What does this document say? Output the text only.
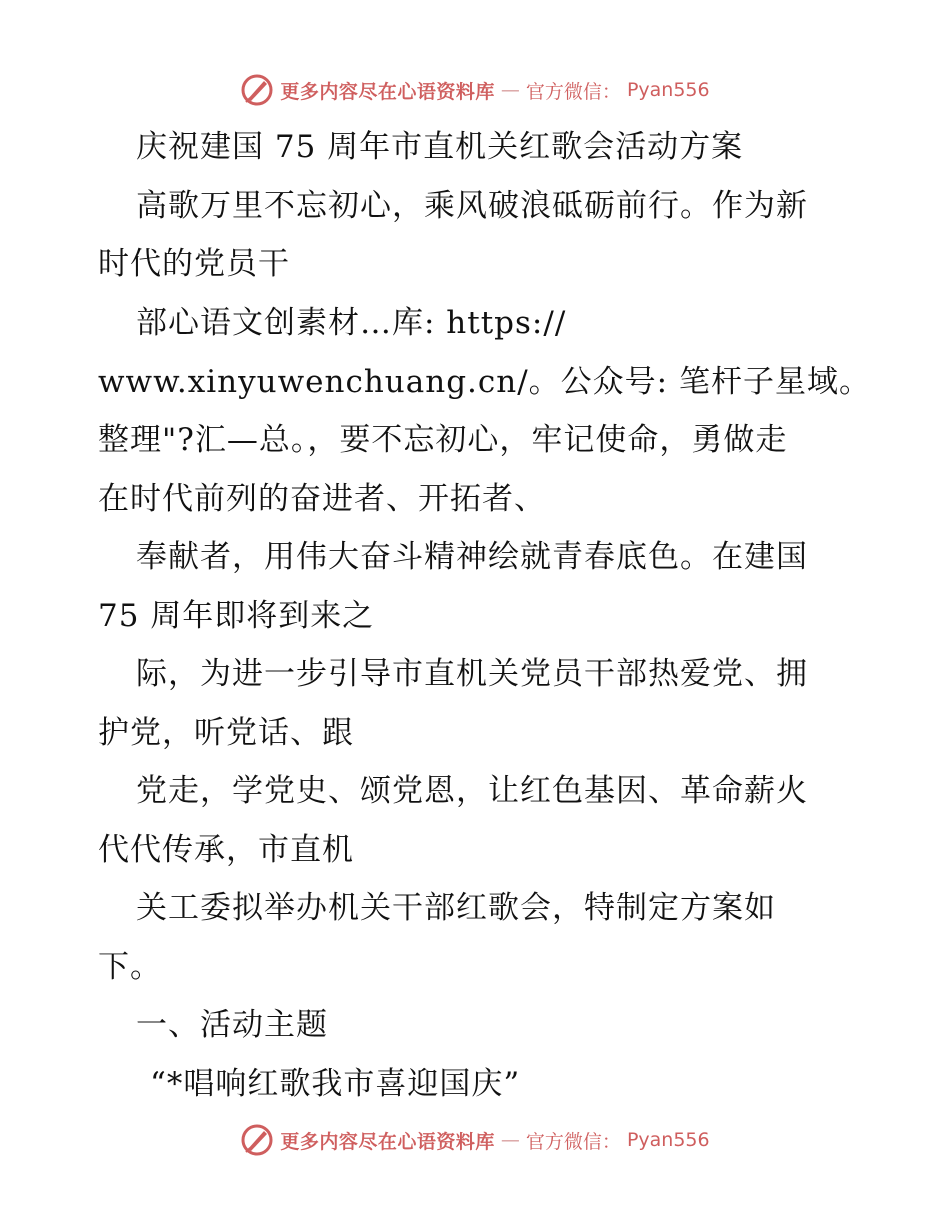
更多内容尽在心语资料库 — 官方微信： Pyan556
庆祝建国 75 周年市直机关红歌会活动方案
高歌万里不忘初心，乘风破浪砥砺前行。作为新
时代的党员干
部心语文创素材…库: https://
www.xinyuwenchuang.cn/。公众号: 笔杆子星域。
整理"?汇—总。，要不忘初心，牢记使命，勇做走
在时代前列的奋进者、开拓者、
奉献者，用伟大奋斗精神绘就青春底色。在建国
75 周年即将到来之
际，为进一步引导市直机关党员干部热爱党、拥
护党，听党话、跟
党走，学党史、颂党恩，让红色基因、革命薪火
代代传承，市直机
关工委拟举办机关干部红歌会，特制定方案如
下。
一、活动主题
“*唱响红歌我市喜迎国庆”
更多内容尽在心语资料库 — 官方微信： Pyan556
